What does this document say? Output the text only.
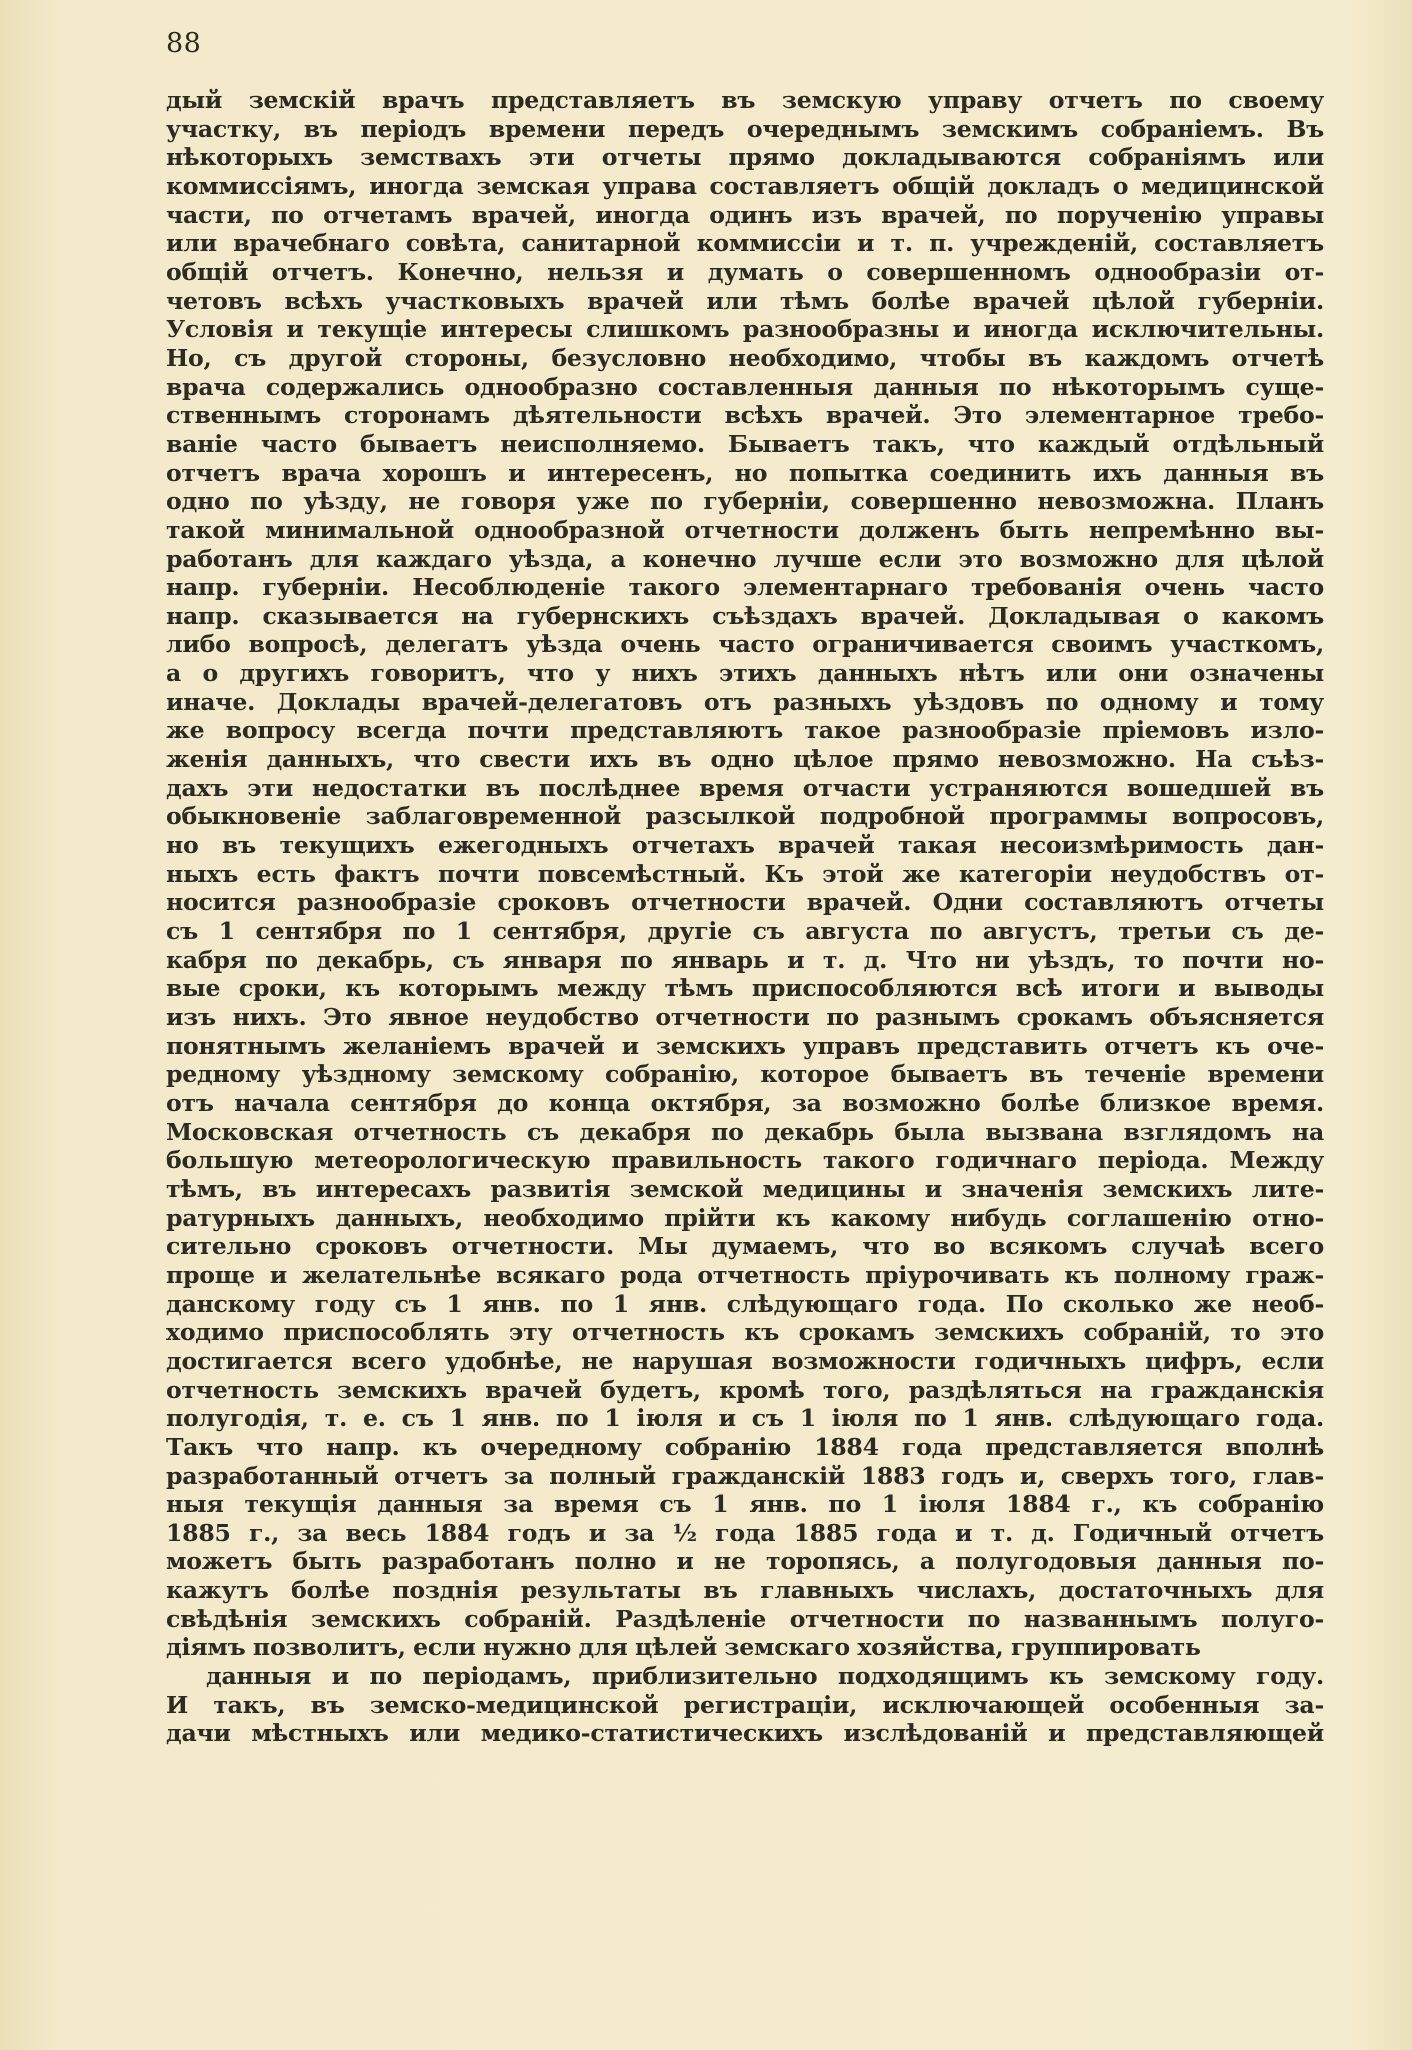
88
дый земскій врачъ представляетъ въ земскую управу отчетъ по своему
участку, въ періодъ времени передъ очереднымъ земскимъ собраніемъ. Въ
нѣкоторыхъ земствахъ эти отчеты прямо докладываются собраніямъ или
коммиссіямъ, иногда земская управа составляетъ общій докладъ о медицинской
части, по отчетамъ врачей, иногда одинъ изъ врачей, по порученію управы
или врачебнаго совѣта, санитарной коммиссіи и т. п. учрежденій, составляетъ
общій отчетъ. Конечно, нельзя и думать о совершенномъ однообразіи от-
четовъ всѣхъ участковыхъ врачей или тѣмъ болѣе врачей цѣлой губерніи.
Условія и текущіе интересы слишкомъ разнообразны и иногда исключительны.
Но, съ другой стороны, безусловно необходимо, чтобы въ каждомъ отчетѣ
врача содержались однообразно составленныя данныя по нѣкоторымъ суще-
ственнымъ сторонамъ дѣятельности всѣхъ врачей. Это элементарное требо-
ваніе часто бываетъ неисполняемо. Бываетъ такъ, что каждый отдѣльный
отчетъ врача хорошъ и интересенъ, но попытка соединить ихъ данныя въ
одно по уѣзду, не говоря уже по губерніи, совершенно невозможна. Планъ
такой минимальной однообразной отчетности долженъ быть непремѣнно вы-
работанъ для каждаго уѣзда, а конечно лучше если это возможно для цѣлой
напр. губерніи. Несоблюденіе такого элементарнаго требованія очень часто
напр. сказывается на губернскихъ съѣздахъ врачей. Докладывая о какомъ
либо вопросѣ, делегатъ уѣзда очень часто ограничивается своимъ участкомъ,
а о другихъ говоритъ, что у нихъ этихъ данныхъ нѣтъ или они означены
иначе. Доклады врачей-делегатовъ отъ разныхъ уѣздовъ по одному и тому
же вопросу всегда почти представляютъ такое разнообразіе пріемовъ изло-
женія данныхъ, что свести ихъ въ одно цѣлое прямо невозможно. На съѣз-
дахъ эти недостатки въ послѣднее время отчасти устраняются вошедшей въ
обыкновеніе заблаговременной разсылкой подробной программы вопросовъ,
но въ текущихъ ежегодныхъ отчетахъ врачей такая несоизмѣримость дан-
ныхъ есть фактъ почти повсемѣстный. Къ этой же категоріи неудобствъ от-
носится разнообразіе сроковъ отчетности врачей. Одни составляютъ отчеты
съ 1 сентября по 1 сентября, другіе съ августа по августъ, третьи съ де-
кабря по декабрь, съ января по январь и т. д. Что ни уѣздъ, то почти но-
вые сроки, къ которымъ между тѣмъ приспособляются всѣ итоги и выводы
изъ нихъ. Это явное неудобство отчетности по разнымъ срокамъ объясняется
понятнымъ желаніемъ врачей и земскихъ управъ представить отчетъ къ оче-
редному уѣздному земскому собранію, которое бываетъ въ теченіе времени
отъ начала сентября до конца октября, за возможно болѣе близкое время.
Московская отчетность съ декабря по декабрь была вызвана взглядомъ на
большую метеорологическую правильность такого годичнаго періода. Между
тѣмъ, въ интересахъ развитія земской медицины и значенія земскихъ лите-
ратурныхъ данныхъ, необходимо прійти къ какому нибудь соглашенію отно-
сительно сроковъ отчетности. Мы думаемъ, что во всякомъ случаѣ всего
проще и желательнѣе всякаго рода отчетность пріурочивать къ полному граж-
данскому году съ 1 янв. по 1 янв. слѣдующаго года. По сколько же необ-
ходимо приспособлять эту отчетность къ срокамъ земскихъ собраній, то это
достигается всего удобнѣе, не нарушая возможности годичныхъ цифръ, если
отчетность земскихъ врачей будетъ, кромѣ того, раздѣляться на гражданскія
полугодія, т. е. съ 1 янв. по 1 іюля и съ 1 іюля по 1 янв. слѣдующаго года.
Такъ что напр. къ очередному собранію 1884 года представляется вполнѣ
разработанный отчетъ за полный гражданскій 1883 годъ и, сверхъ того, глав-
ныя текущія данныя за время съ 1 янв. по 1 іюля 1884 г., къ собранію
1885 г., за весь 1884 годъ и за ½ года 1885 года и т. д. Годичный отчетъ
можетъ быть разработанъ полно и не торопясь, а полугодовыя данныя по-
кажутъ болѣе позднія результаты въ главныхъ числахъ, достаточныхъ для
свѣдѣнія земскихъ собраній. Раздѣленіе отчетности по названнымъ полуго-
діямъ позволитъ, если нужно для цѣлей земскаго хозяйства, группировать
данныя и по періодамъ, приблизительно подходящимъ къ земскому году.
И такъ, въ земско-медицинской регистраціи, исключающей особенныя за-
дачи мѣстныхъ или медико-статистическихъ изслѣдованій и представляющей
